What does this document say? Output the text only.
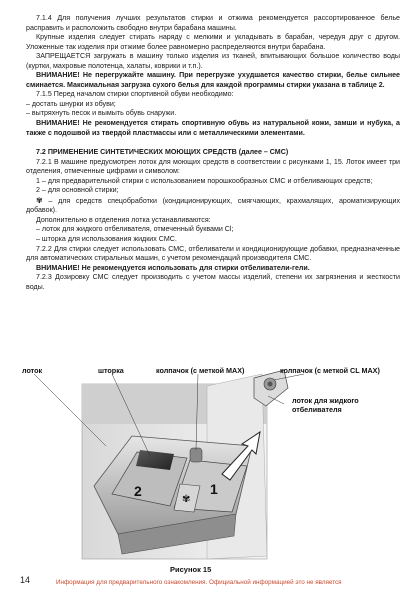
7.1.4 Для получения лучших результатов стирки и отжима рекомендуется рассортированное белье расправить и расположить свободно внутри барабана машины.

Крупные изделия следует стирать наряду с мелкими и укладывать в барабан, чередуя друг с другом. Уложенные так изделия при отжиме более равномерно распределяются внутри барабана.

ЗАПРЕЩАЕТСЯ загружать в машину только изделия из тканей, впитывающих большое количество воды (куртки, махровые полотенца, халаты, коврики и т.п.).

ВНИМАНИЕ! Не перегружайте машину. При перегрузке ухудшается качество стирки, белье сильнее сминается. Максимальная загрузка сухого белья для каждой программы стирки указана в таблице 2.

7.1.5 Перед началом стирки спортивной обуви необходимо:

– достать шнурки из обуви;

– вытряхнуть песок и вымыть обувь снаружи.

ВНИМАНИЕ! Не рекомендуется стирать спортивную обувь из натуральной кожи, замши и нубука, а также с подошвой из твердой пластмассы или с металлическими элементами.

7.2 ПРИМЕНЕНИЕ СИНТЕТИЧЕСКИХ МОЮЩИХ СРЕДСТВ (далее – СМС)

7.2.1 В машине предусмотрен лоток для моющих средств в соответствии с рисунками 1, 15. Лоток имеет три отделения, отмеченные цифрами и символом:

1 – для предварительной стирки с использованием порошкообразных СМС и отбеливающих средств;

2 – для основной стирки;

✾ – для средств спецобработки (кондиционирующих, смягчающих, крахмалящих, ароматизирующих добавок).

Дополнительно в отделения лотка устанавливаются:

– лоток для жидкого отбеливателя, отмеченный буквами Cl;

– шторка для использования жидких СМС.

7.2.2 Для стирки следует использовать СМС, отбеливатели и кондиционирующие добавки, предназначенные для автоматических стиральных машин, с учетом рекомендаций производителя СМС.

ВНИМАНИЕ! Не рекомендуется использовать для стирки отбеливатели-гели.

7.2.3 Дозировку СМС следует производить с учетом массы изделий, степени их загрязнения и жесткости воды.

2	1
✾
лоток	шторка	колпачок (с меткой MAX)	колпачок (с меткой CL MAX)
лоток для жидкого отбеливателя
Рисунок 15
14	Информация для предварительного ознакомления. Официальной информацией это не является
